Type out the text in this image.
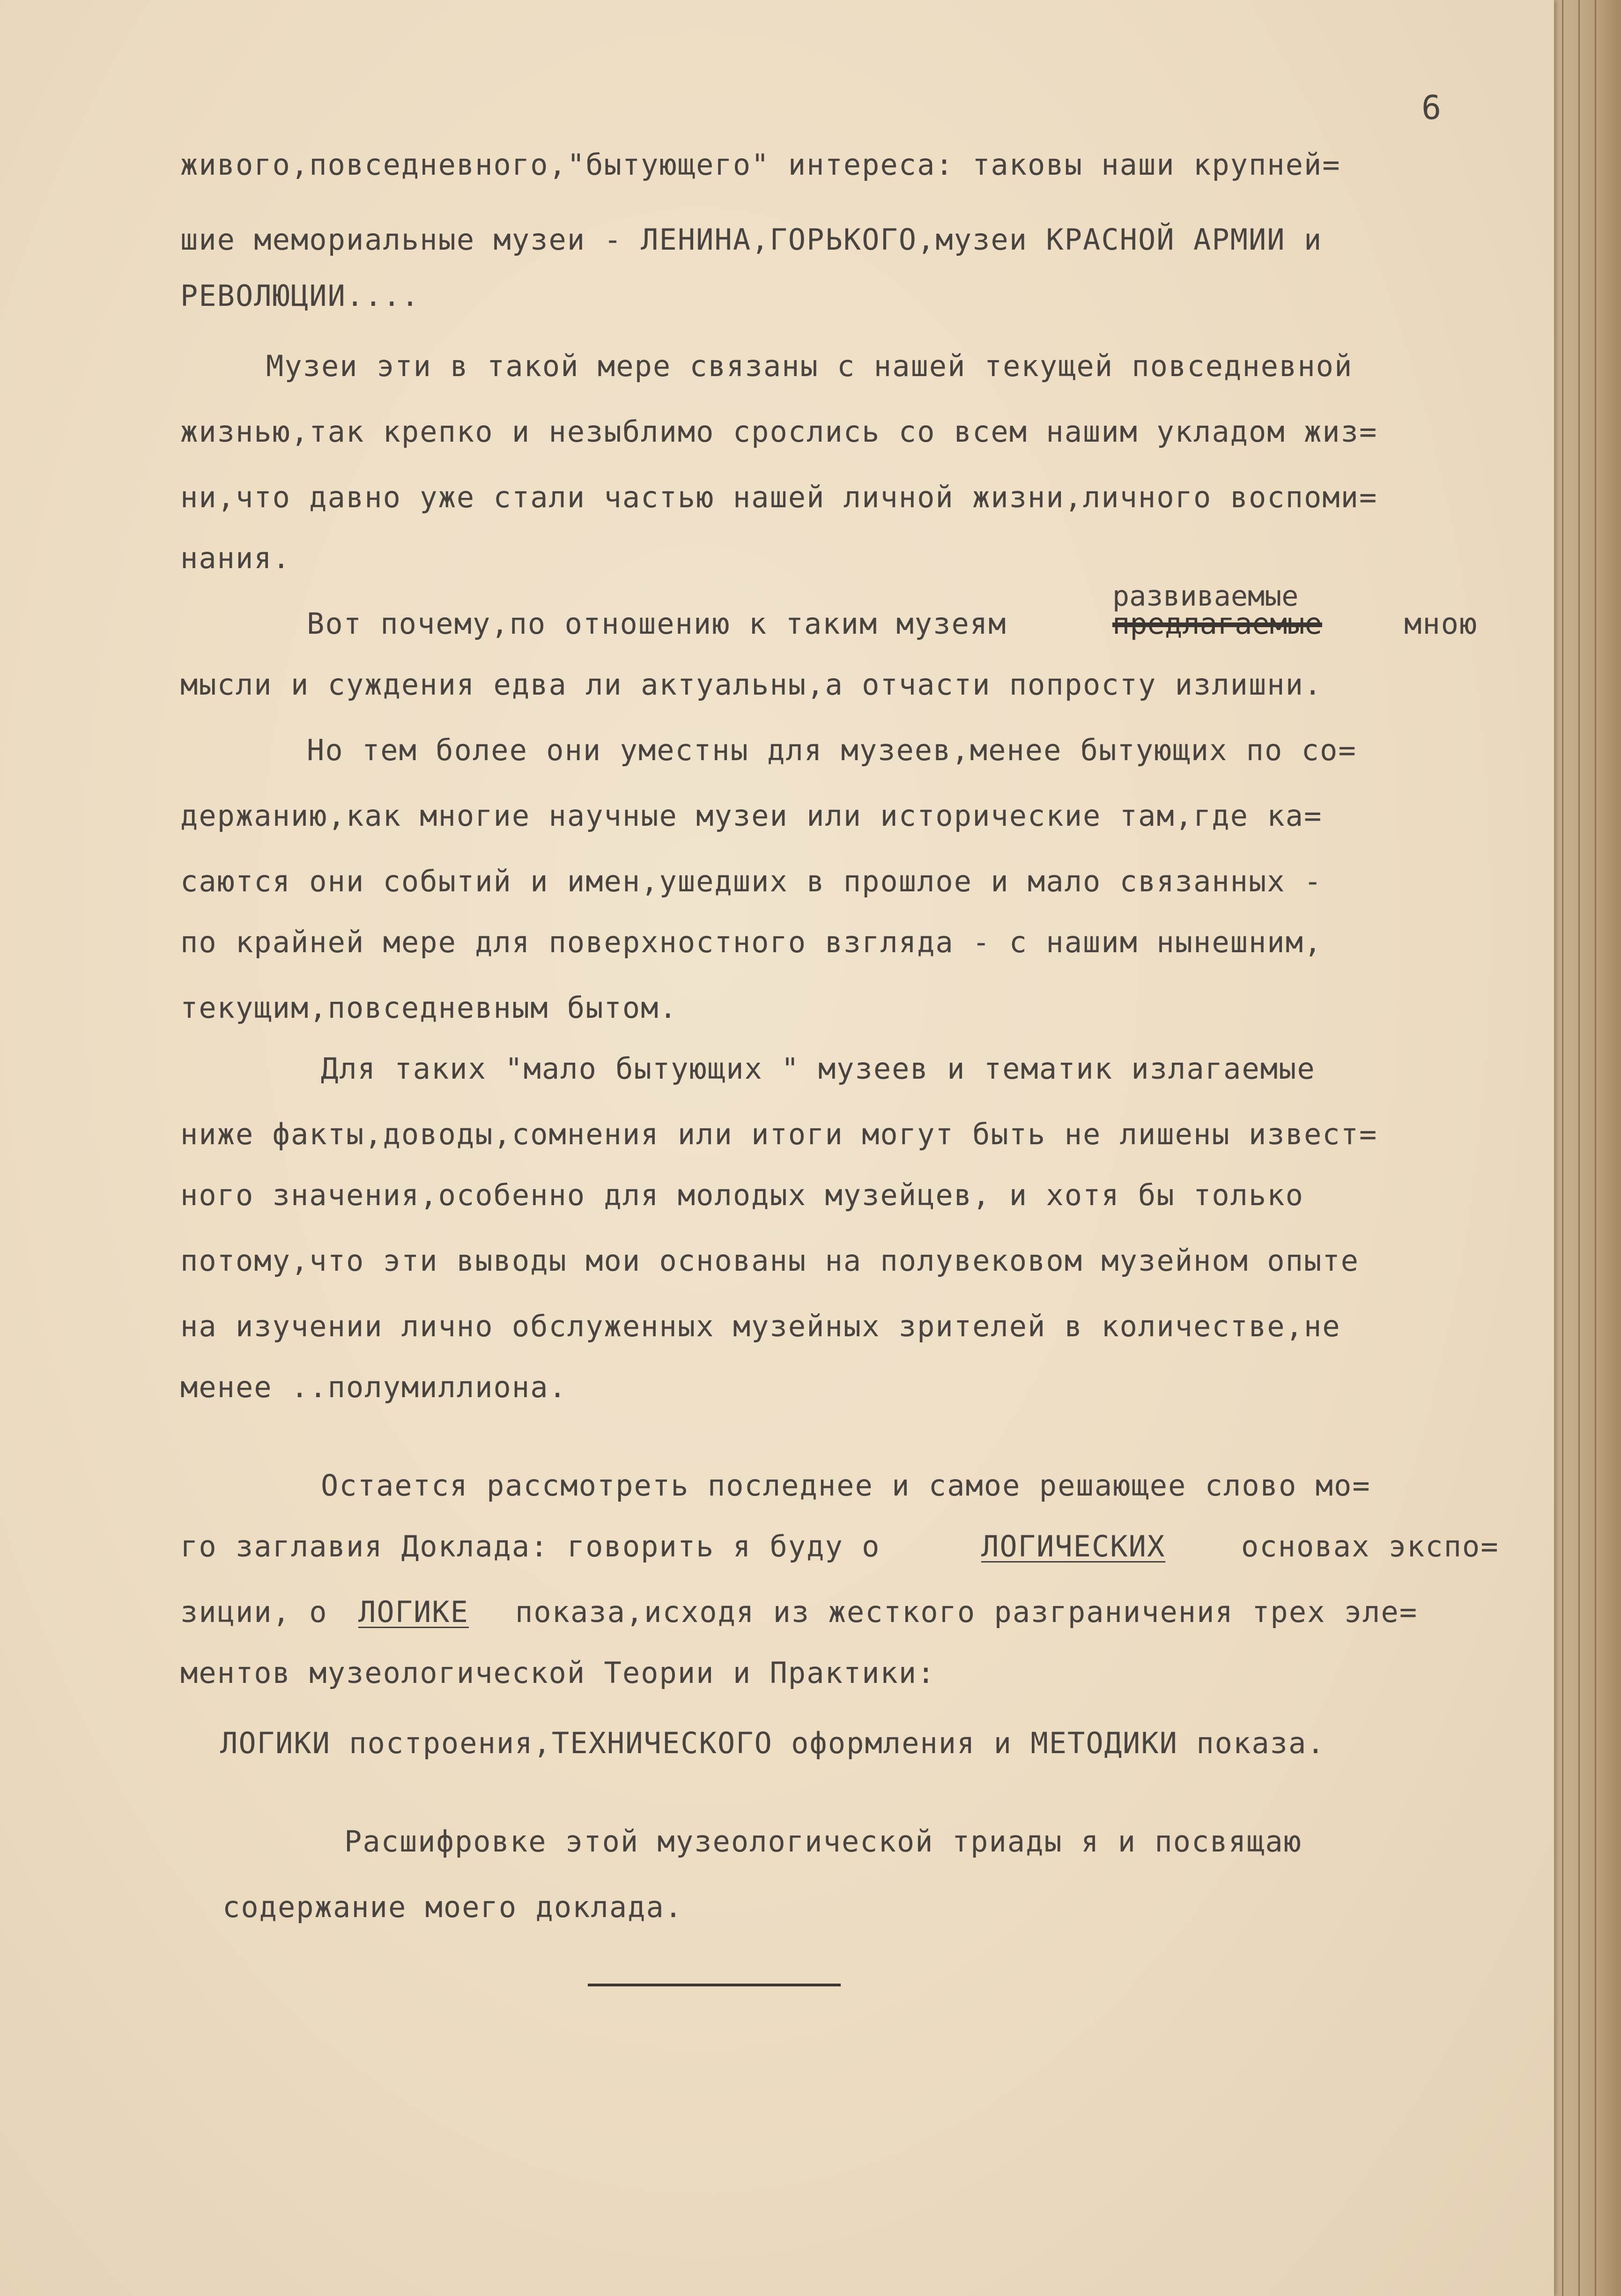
6
живого,повседневного,"бытующего" интереса: таковы наши крупней=
шие мемориальные музеи - ЛЕНИНА,ГОРЬКОГО,музеи КРАСНОЙ АРМИИ и
РЕВОЛЮЦИИ....
Музеи эти в такой мере связаны с нашей текущей повседневной
жизнью,так крепко и незыблимо срослись со всем нашим укладом жиз=
ни,что давно уже стали частью нашей личной жизни,личного воспоми=
нания.
развиваемые
Вот почему,по отношению к таким музеям	предлагаемые	мною
мысли и суждения едва ли актуальны,а отчасти попросту излишни.
Но тем более они уместны для музеев,менее бытующих по со=
держанию,как многие научные музеи или исторические там,где ка=
саются они событий и имен,ушедших в прошлое и мало связанных -
по крайней мере для поверхностного взгляда - с нашим нынешним,
текущим,повседневным бытом.
Для таких "мало бытующих " музеев и тематик излагаемые
ниже факты,доводы,сомнения или итоги могут быть не лишены извест=
ного значения,особенно для молодых музейцев, и хотя бы только
потому,что эти выводы мои основаны на полувековом музейном опыте
на изучении лично обслуженных музейных зрителей в количестве,не
менее ..полумиллиона.
Остается рассмотреть последнее и самое решающее слово мо=
го заглавия Доклада: говорить я буду о	ЛОГИЧЕСКИХ	основах экспо=
зиции, о ЛОГИКЕ показа,исходя из жесткого разграничения трех эле=
ментов музеологической Теории и Практики:
ЛОГИКИ построения,ТЕХНИЧЕСКОГО оформления и МЕТОДИКИ показа.
Расшифровке этой музеологической триады я и посвящаю
содержание моего доклада.
